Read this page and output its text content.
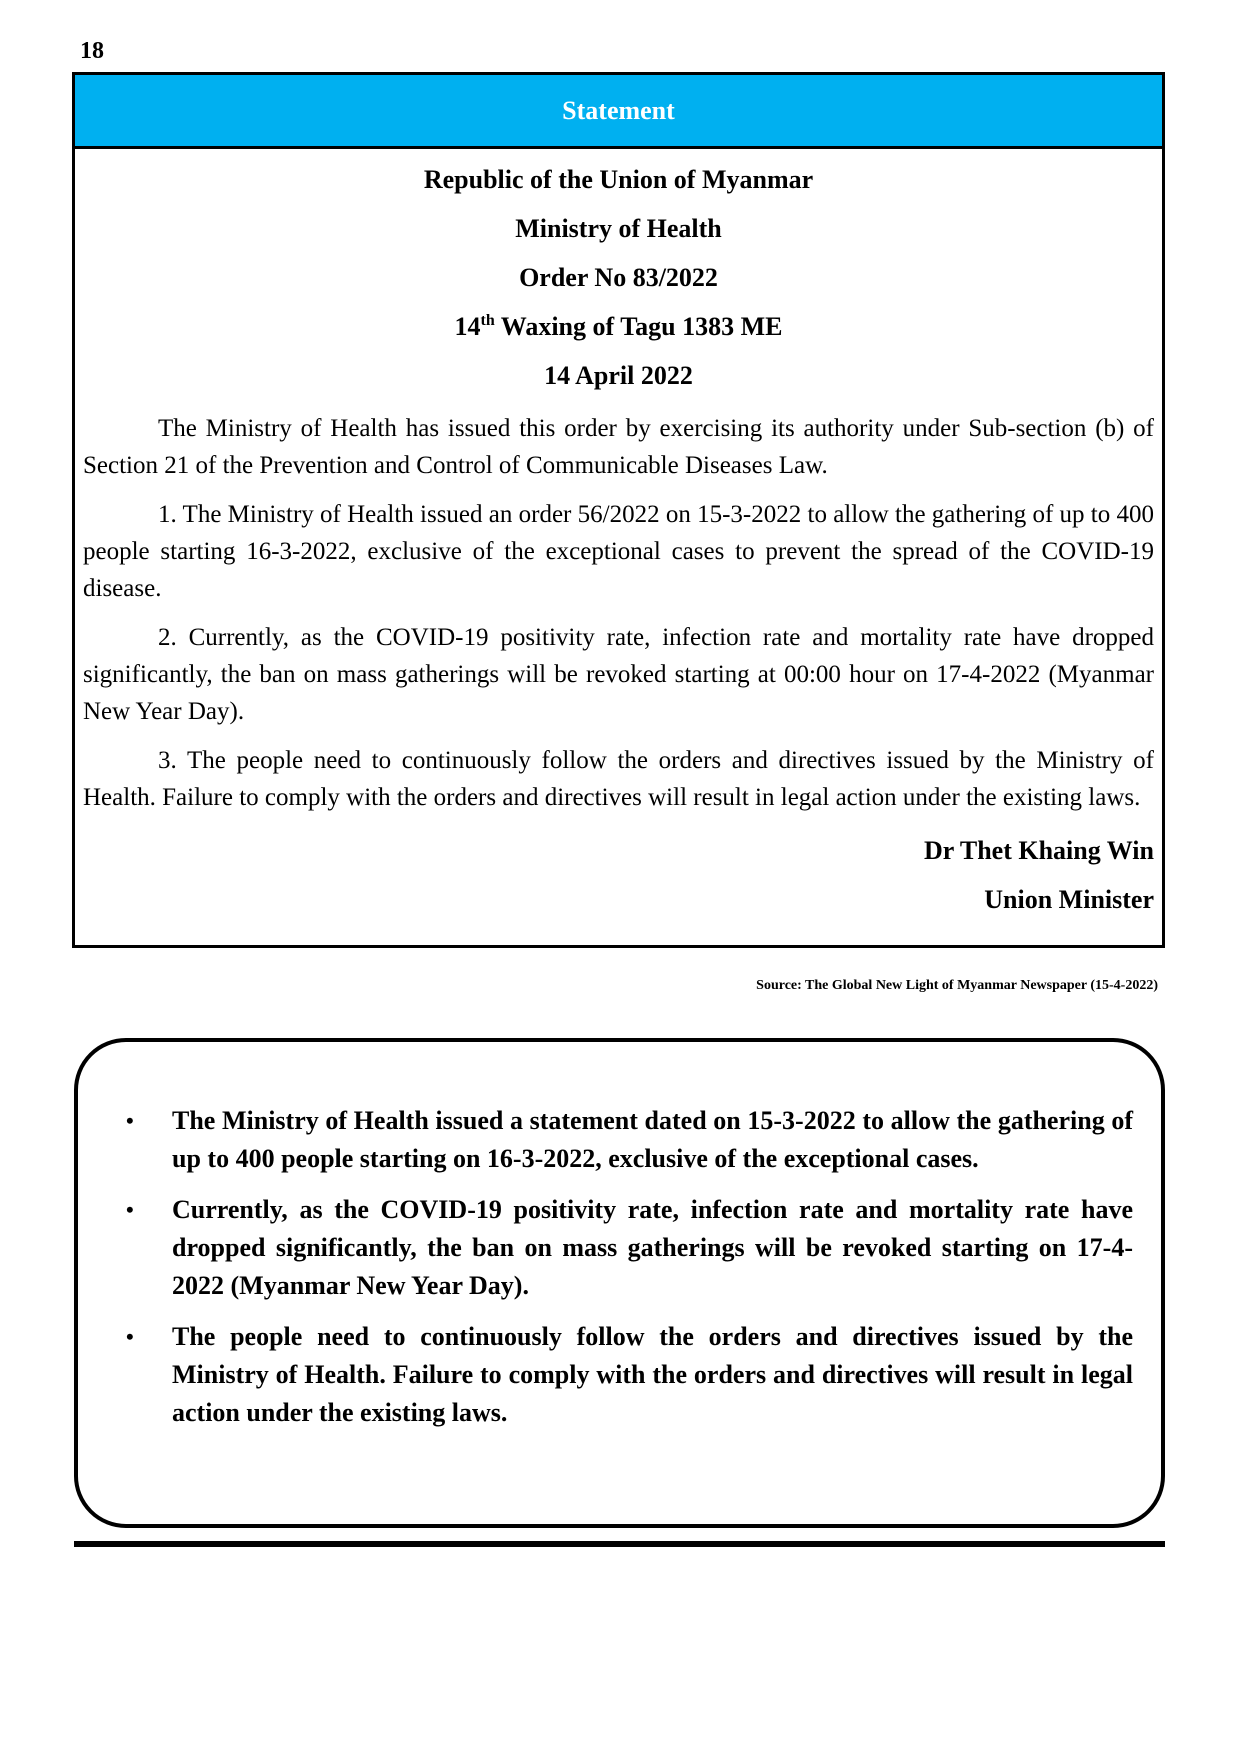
18
Statement
Republic of the Union of Myanmar
Ministry of Health
Order No 83/2022
14th Waxing of Tagu 1383 ME
14 April 2022

The Ministry of Health has issued this order by exercising its authority under Sub-section (b) of Section 21 of the Prevention and Control of Communicable Diseases Law.

1. The Ministry of Health issued an order 56/2022 on 15-3-2022 to allow the gathering of up to 400 people starting 16-3-2022, exclusive of the exceptional cases to prevent the spread of the COVID-19 disease.

2. Currently, as the COVID-19 positivity rate, infection rate and mortality rate have dropped significantly, the ban on mass gatherings will be revoked starting at 00:00 hour on 17-4-2022 (Myanmar New Year Day).

3. The people need to continuously follow the orders and directives issued by the Ministry of Health. Failure to comply with the orders and directives will result in legal action under the existing laws.

Dr Thet Khaing Win
Union Minister
Source: The Global New Light of Myanmar Newspaper (15-4-2022)
• The Ministry of Health issued a statement dated on 15-3-2022 to allow the gathering of up to 400 people starting on 16-3-2022, exclusive of the exceptional cases.
• Currently, as the COVID-19 positivity rate, infection rate and mortality rate have dropped significantly, the ban on mass gatherings will be revoked starting on 17-4-2022 (Myanmar New Year Day).
• The people need to continuously follow the orders and directives issued by the Ministry of Health. Failure to comply with the orders and directives will result in legal action under the existing laws.
